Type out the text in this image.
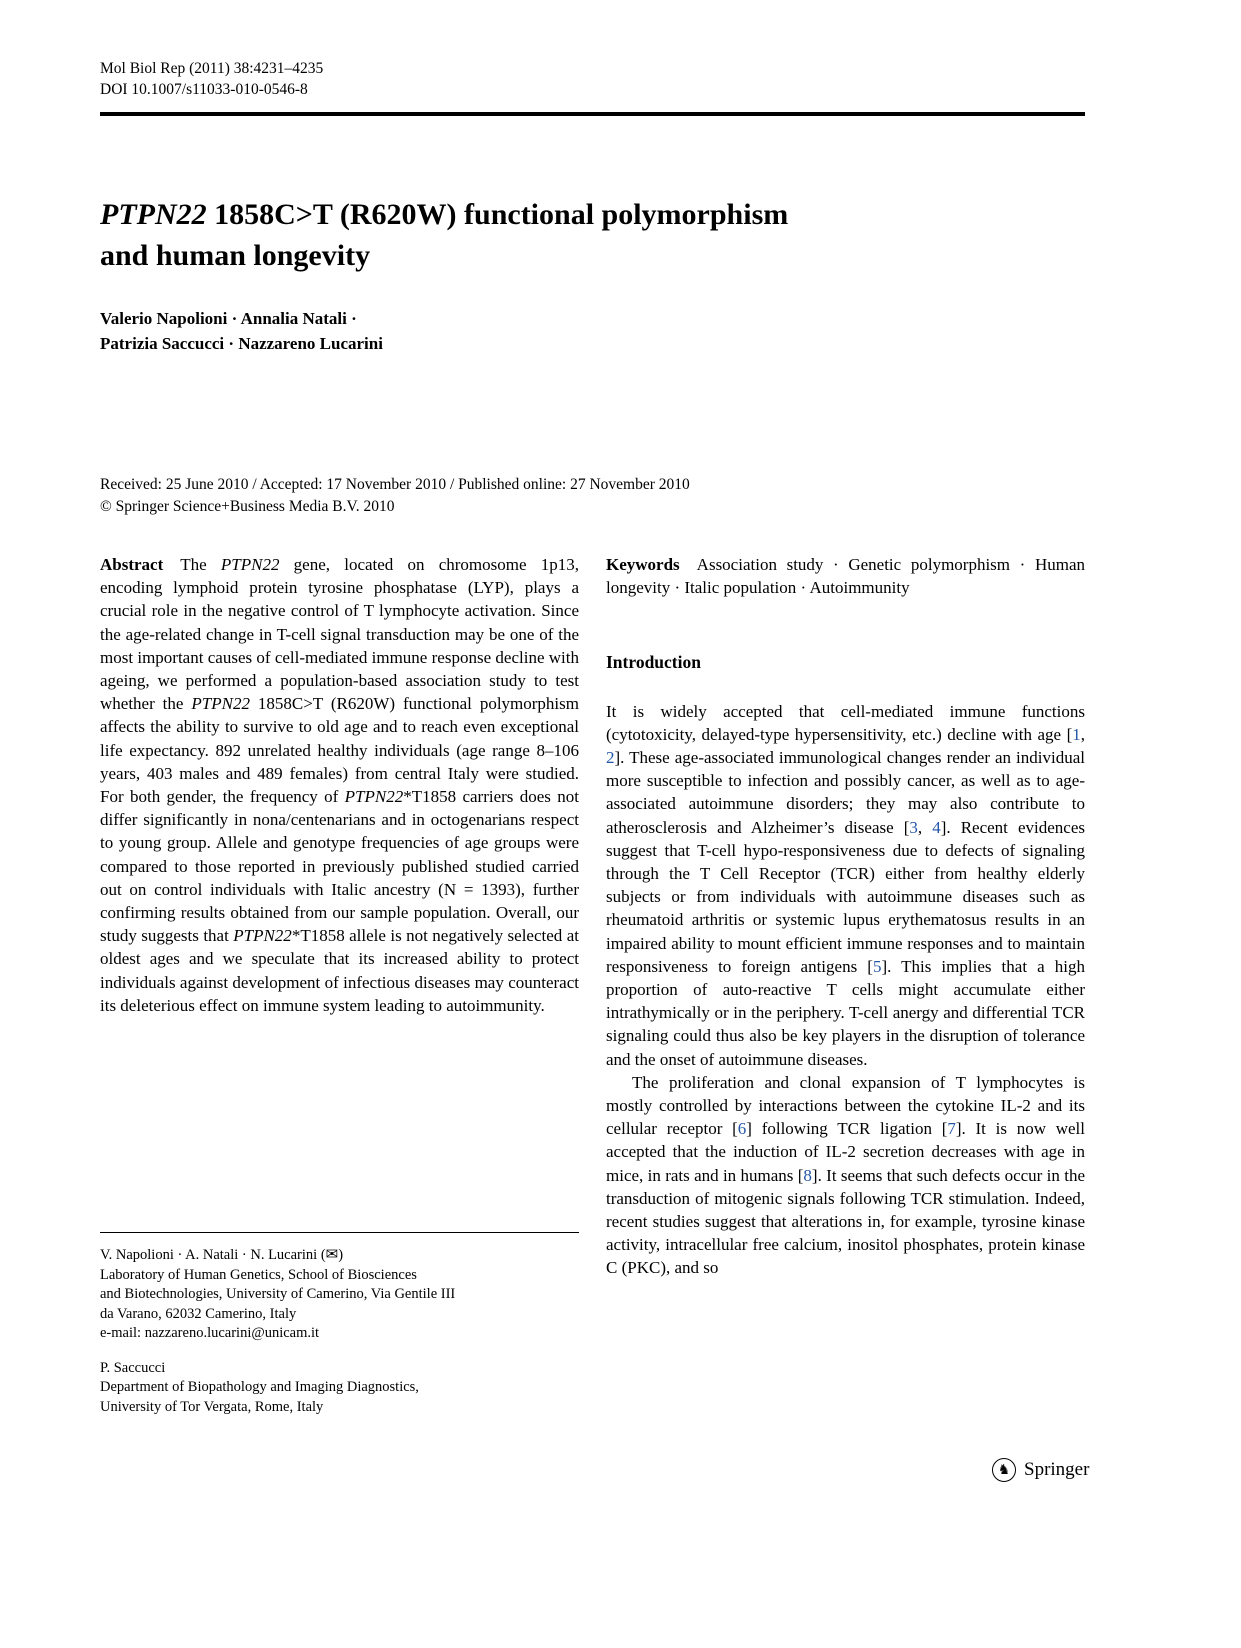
Mol Biol Rep (2011) 38:4231–4235
DOI 10.1007/s11033-010-0546-8
PTPN22 1858C>T (R620W) functional polymorphism
and human longevity
Valerio Napolioni · Annalia Natali ·
Patrizia Saccucci · Nazzareno Lucarini
Received: 25 June 2010 / Accepted: 17 November 2010 / Published online: 27 November 2010
© Springer Science+Business Media B.V. 2010

Abstract The PTPN22 gene, located on chromosome 1p13, encoding lymphoid protein tyrosine phosphatase (LYP), plays a crucial role in the negative control of T lymphocyte activation. Since the age-related change in T-cell signal transduction may be one of the most important causes of cell-mediated immune response decline with ageing, we performed a population-based association study to test whether the PTPN22 1858C>T (R620W) functional polymorphism affects the ability to survive to old age and to reach even exceptional life expectancy. 892 unrelated healthy individuals (age range 8–106 years, 403 males and 489 females) from central Italy were studied. For both gender, the frequency of PTPN22*T1858 carriers does not differ significantly in nona/centenarians and in octogenarians respect to young group. Allele and genotype frequencies of age groups were compared to those reported in previously published studied carried out on control individuals with Italic ancestry (N = 1393), further confirming results obtained from our sample population. Overall, our study suggests that PTPN22*T1858 allele is not negatively selected at oldest ages and we speculate that its increased ability to protect individuals against development of infectious diseases may counteract its deleterious effect on immune system leading to autoimmunity.

Keywords Association study · Genetic polymorphism · Human longevity · Italic population · Autoimmunity

Introduction

It is widely accepted that cell-mediated immune functions (cytotoxicity, delayed-type hypersensitivity, etc.) decline with age [1, 2]. These age-associated immunological changes render an individual more susceptible to infection and possibly cancer, as well as to age-associated autoimmune disorders; they may also contribute to atherosclerosis and Alzheimer’s disease [3, 4]. Recent evidences suggest that T-cell hypo-responsiveness due to defects of signaling through the T Cell Receptor (TCR) either from healthy elderly subjects or from individuals with autoimmune diseases such as rheumatoid arthritis or systemic lupus erythematosus results in an impaired ability to mount efficient immune responses and to maintain responsiveness to foreign antigens [5]. This implies that a high proportion of auto-reactive T cells might accumulate either intrathymically or in the periphery. T-cell anergy and differential TCR signaling could thus also be key players in the disruption of tolerance and the onset of autoimmune diseases.

The proliferation and clonal expansion of T lymphocytes is mostly controlled by interactions between the cytokine IL-2 and its cellular receptor [6] following TCR ligation [7]. It is now well accepted that the induction of IL-2 secretion decreases with age in mice, in rats and in humans [8]. It seems that such defects occur in the transduction of mitogenic signals following TCR stimulation. Indeed, recent studies suggest that alterations in, for example, tyrosine kinase activity, intracellular free calcium, inositol phosphates, protein kinase C (PKC), and so

V. Napolioni · A. Natali · N. Lucarini (✉)
Laboratory of Human Genetics, School of Biosciences
and Biotechnologies, University of Camerino, Via Gentile III
da Varano, 62032 Camerino, Italy
e-mail: nazzareno.lucarini@unicam.it
P. Saccucci
Department of Biopathology and Imaging Diagnostics,
University of Tor Vergata, Rome, Italy
♞ Springer
